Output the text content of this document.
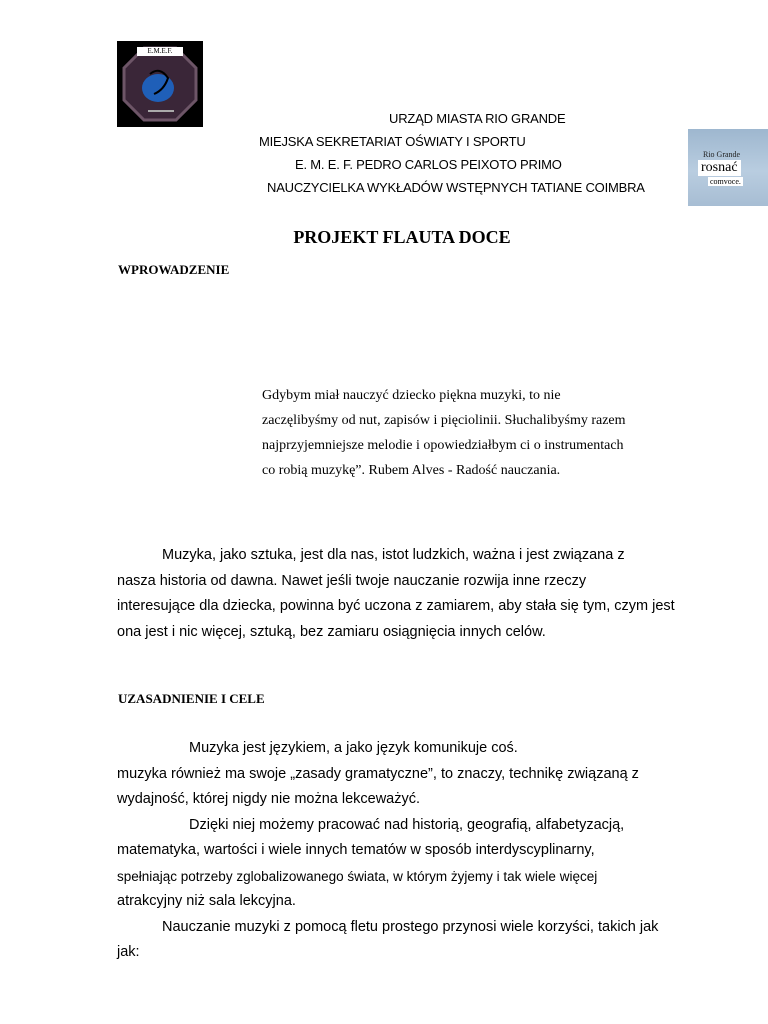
E.M.E.F.
Rio Grande
rosnać
comvoce.
URZĄD MIASTA RIO GRANDE
MIEJSKA SEKRETARIAT OŚWIATY I SPORTU
E. M. E. F. PEDRO CARLOS PEIXOTO PRIMO
NAUCZYCIELKA WYKŁADÓW WSTĘPNYCH TATIANE COIMBRA
PROJEKT FLAUTA DOCE
WPROWADZENIE
Gdybym miał nauczyć dziecko piękna muzyki, to nie
zaczęlibyśmy od nut, zapisów i pięciolinii. Słuchalibyśmy razem
najprzyjemniejsze melodie i opowiedziałbym ci o instrumentach
co robią muzykę”. Rubem Alves - Radość nauczania.
Muzyka, jako sztuka, jest dla nas, istot ludzkich, ważna i jest związana z
nasza historia od dawna. Nawet jeśli twoje nauczanie rozwija inne rzeczy
interesujące dla dziecka, powinna być uczona z zamiarem, aby stała się tym, czym jest
ona jest i nic więcej, sztuką, bez zamiaru osiągnięcia innych celów.
UZASADNIENIE I CELE
Muzyka jest językiem, a jako język komunikuje coś.
muzyka również ma swoje „zasady gramatyczne”, to znaczy, technikę związaną z
wydajność, której nigdy nie można lekceważyć.
Dzięki niej możemy pracować nad historią, geografią, alfabetyzacją,
matematyka, wartości i wiele innych tematów w sposób interdyscyplinarny,
spełniając potrzeby zglobalizowanego świata, w którym żyjemy i tak wiele więcej
atrakcyjny niż sala lekcyjna.
Nauczanie muzyki z pomocą fletu prostego przynosi wiele korzyści, takich jak
jak:
